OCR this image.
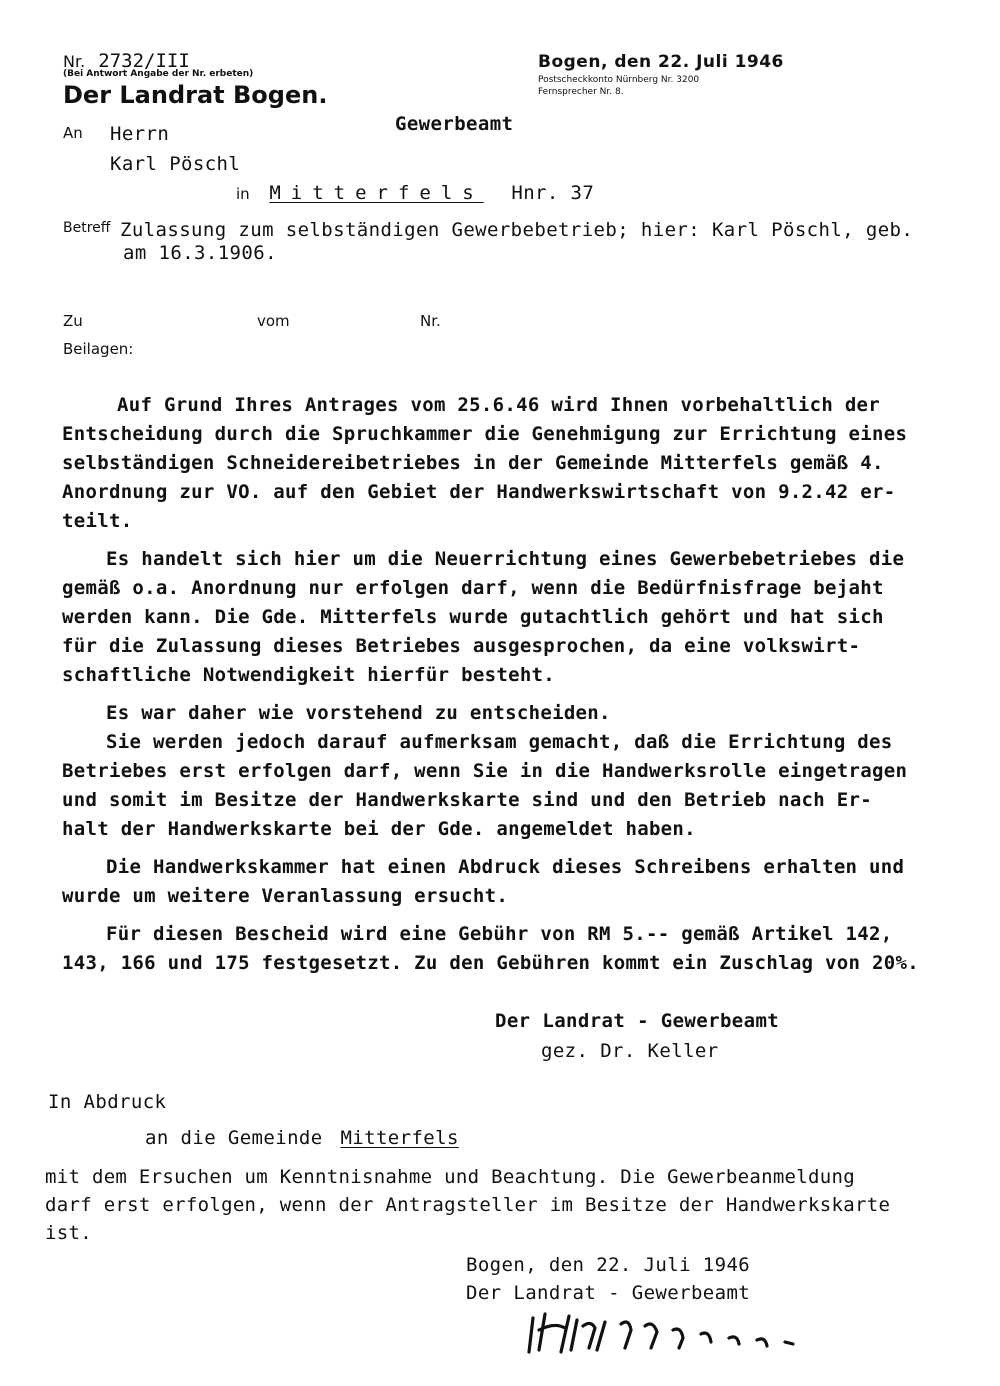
Nr. 2732/III
(Bei Antwort Angabe der Nr. erbeten)
Der Landrat Bogen.
Gewerbeamt
Bogen, den 22. Juli 1946
Postscheckkonto Nürnberg Nr. 3200
Fernsprecher Nr. 8.
An Herrn
Karl Pöschl
in Mitterfels Hnr. 37
Betreff Zulassung zum selbständigen Gewerbebetrieb; hier: Karl Pöschl, geb.
am 16.3.1906.
Zu	vom	Nr.
Beilagen:

Auf Grund Ihres Antrages vom 25.6.46 wird Ihnen vorbehaltlich der

Entscheidung durch die Spruchkammer die Genehmigung zur Errichtung eines

selbständigen Schneidereibetriebes in der Gemeinde Mitterfels gemäß 4.

Anordnung zur VO. auf den Gebiet der Handwerkswirtschaft von 9.2.42 er-

teilt.

Es handelt sich hier um die Neuerrichtung eines Gewerbebetriebes die

gemäß o.a. Anordnung nur erfolgen darf, wenn die Bedürfnisfrage bejaht

werden kann. Die Gde. Mitterfels wurde gutachtlich gehört und hat sich

für die Zulassung dieses Betriebes ausgesprochen, da eine volkswirt-

schaftliche Notwendigkeit hierfür besteht.

Es war daher wie vorstehend zu entscheiden.

Sie werden jedoch darauf aufmerksam gemacht, daß die Errichtung des

Betriebes erst erfolgen darf, wenn Sie in die Handwerksrolle eingetragen

und somit im Besitze der Handwerkskarte sind und den Betrieb nach Er-

halt der Handwerkskarte bei der Gde. angemeldet haben.

Die Handwerkskammer hat einen Abdruck dieses Schreibens erhalten und

wurde um weitere Veranlassung ersucht.

Für diesen Bescheid wird eine Gebühr von RM 5.-- gemäß Artikel 142,

143, 166 und 175 festgesetzt. Zu den Gebühren kommt ein Zuschlag von 20%.

Der Landrat - Gewerbeamt
gez. Dr. Keller
In Abdruck
an die Gemeinde Mitterfels

mit dem Ersuchen um Kenntnisnahme und Beachtung. Die Gewerbeanmeldung

darf erst erfolgen, wenn der Antragsteller im Besitze der Handwerkskarte

ist.

Bogen, den 22. Juli 1946
Der Landrat - Gewerbeamt
